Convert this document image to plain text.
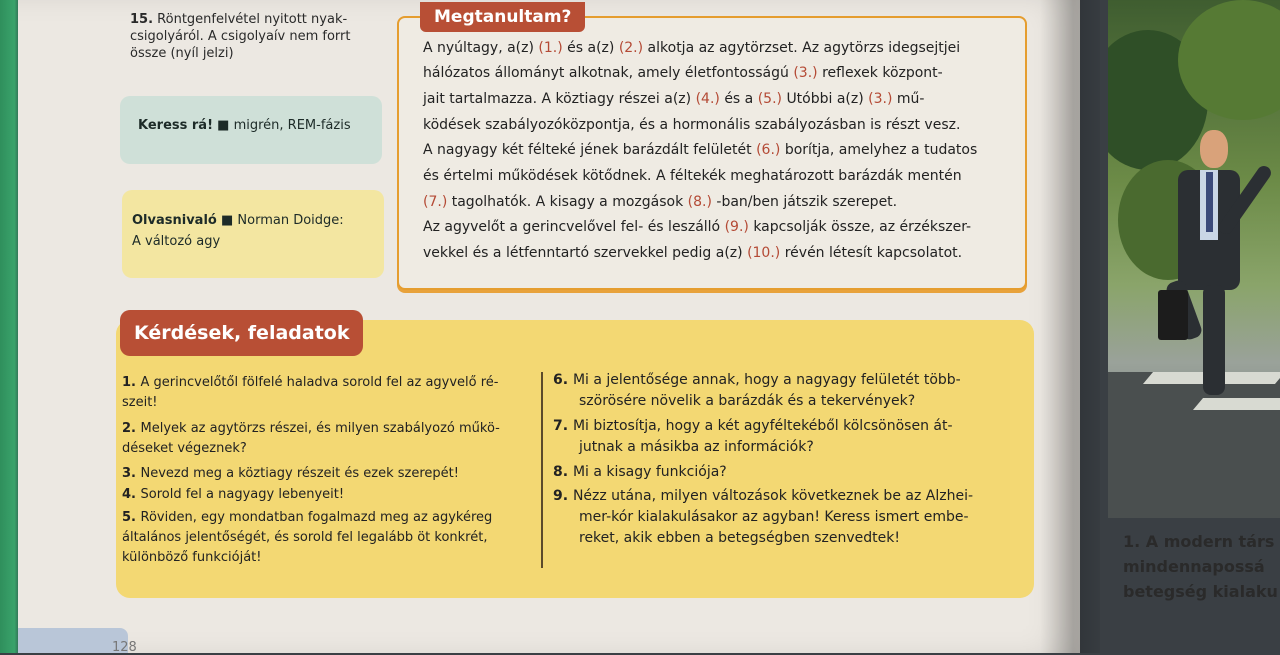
128
15. Röntgenfelvétel nyitott nyak-
csigolyáról. A csigolyaív nem forrt
össze (nyíl jelzi)
Keress rá! ■ migrén, REM-fázis
Olvasnivaló ■ Norman Doidge:
A változó agy
A nyúltagy, a(z) (1.) és a(z) (2.) alkotja az agytörzset. Az agytörzs idegsejtjei
hálózatos állományt alkotnak, amely életfontosságú (3.) reflexek központ-
jait tartalmazza. A köztiagy részei a(z) (4.) és a (5.) Utóbbi a(z) (3.) mű-
ködések szabályozóközpontja, és a hormonális szabályozásban is részt vesz.
A nagyagy két félteké jének barázdált felületét (6.) borítja, amelyhez a tudatos
és értelmi működések kötődnek. A féltekék meghatározott barázdák mentén
(7.) tagolhatók. A kisagy a mozgások (8.) -ban/ben játszik szerepet.
Az agyvelőt a gerincvelővel fel- és leszálló (9.) kapcsolják össze, az érzékszer-
vekkel és a létfenntartó szervekkel pedig a(z) (10.) révén létesít kapcsolatot.
Megtanultam?
Kérdések, feladatok
1. A gerincvelőtől fölfelé haladva sorold fel az agyvelő ré-
szeit!
2. Melyek az agytörzs részei, és milyen szabályozó műkö-
déseket végeznek?
3. Nevezd meg a köztiagy részeit és ezek szerepét!
4. Sorold fel a nagyagy lebenyeit!
5. Röviden, egy mondatban fogalmazd meg az agykéreg
általános jelentőségét, és sorold fel legalább öt konkrét,
különböző funkcióját!
6. Mi a jelentősége annak, hogy a nagyagy felületét több-
szörösére növelik a barázdák és a tekervények?
7. Mi biztosítja, hogy a két agyféltekéből kölcsönösen át-
jutnak a másikba az információk?
8. Mi a kisagy funkciója?
9. Nézz utána, milyen változások következnek be az Alzhei-
mer-kór kialakulásakor az agyban! Keress ismert embe-
reket, akik ebben a betegségben szenvedtek!	1. A modern társ
mindennapossá
betegség kialaku
